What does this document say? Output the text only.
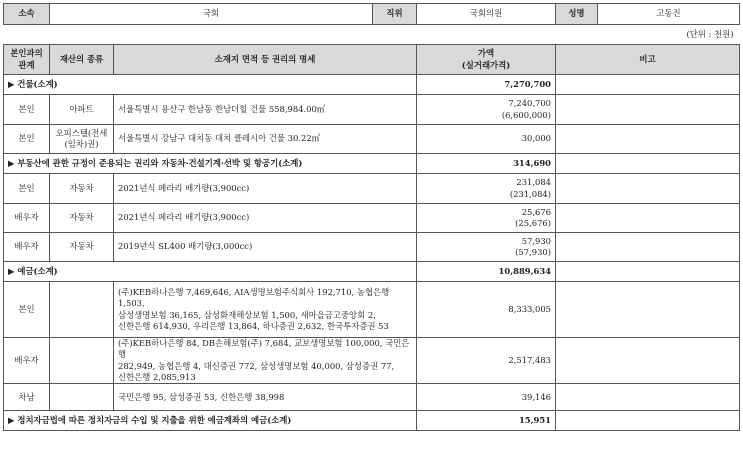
소속	국회		직위	국회의원	성명	고동진
(단위 : 천원)						
본인과의 관계	재산의 종류	소재지 면적 등 권리의 명세		가액
(실거래가격)	비고	
▶ 건물(소계)				7,270,700		
본인	아파트	서울특별시 용산구 한남동 한남더힐 건물 558,984.00㎡		7,240,700
(6,600,000)		

본인	오피스텔(전세
(임차)권)	서울특별시 강남구 대치동 대치 클레시아 건물 30.22㎡		30,000		
▶ 부동산에 관한 규정이 준용되는 권리와 자동차·건설기계·선박 및 항공기(소계)				314,690		
본인	자동차	2021년식 페라리 배기량(3,900cc)		231,084
(231,084)		

배우자	자동차	2021년식 페라리 배기량(3,900cc)		25,676
(25,676)		

배우자	자동차	2019년식 SL400 배기량(3,000cc)		57,930
(57,930)		

▶ 예금(소계)				10,889,634		
본인		(주)KEB하나은행 7,469,646, AIA생명보험주식회사 192,710, 농협은행 1,503,
삼성생명보험 36,165, 삼성화재해상보험 1,500, 새마을금고중앙회 2,
신한은행 614,930, 우리은행 13,864, 하나증권 2,632, 한국투자증권 53		8,333,005		
배우자		(주)KEB하나은행 84, DB손해보험(주) 7,684, 교보생명보험 100,000, 국민은행
282,949, 농협은행 4, 대신증권 772, 삼성생명보험 40,000, 삼성증권 77,
신한은행 2,085,913		2,517,483		
차남		국민은행 95, 삼성증권 53, 신한은행 38,998		39,146		
▶ 정치자금법에 따른 정치자금의 수입 및 지출을 위한 예금계좌의 예금(소계)				15,951		
